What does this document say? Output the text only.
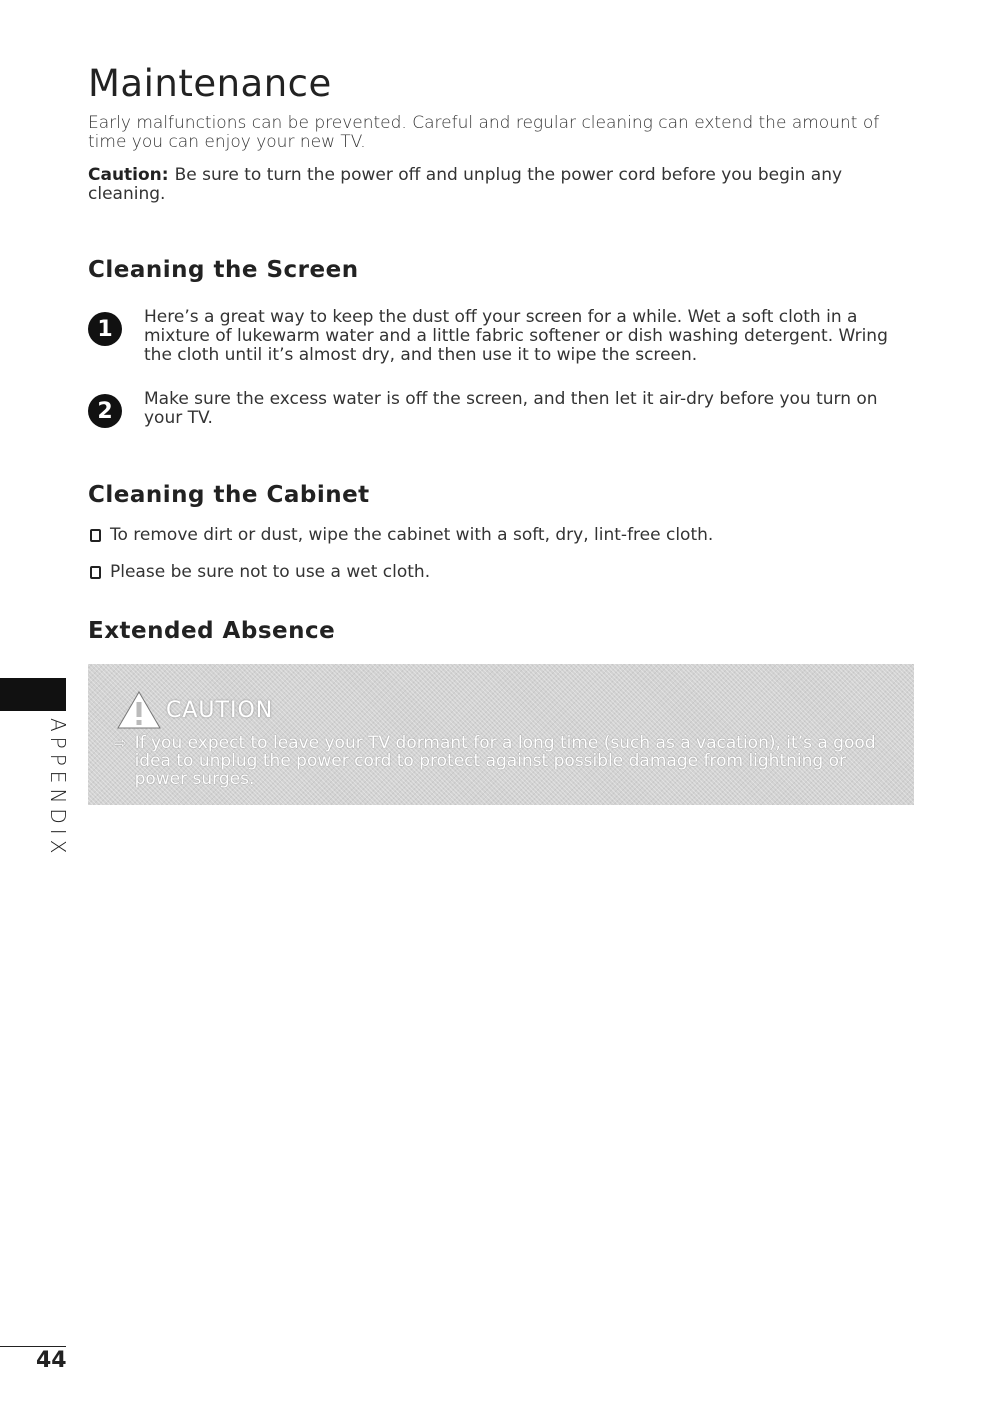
Maintenance

Early malfunctions can be prevented. Careful and regular cleaning can extend the amount of time you can enjoy your new TV.

Caution: Be sure to turn the power off and unplug the power cord before you begin any cleaning.

Cleaning the Screen
1	Here’s a great way to keep the dust off your screen for a while. Wet a soft cloth in a mixture of lukewarm water and a little fabric softener or dish washing detergent. Wring the cloth until it’s almost dry, and then use it to wipe the screen.
2	Make sure the excess water is off the screen, and then let it air-dry before you turn on your TV.
Cleaning the Cabinet
To remove dirt or dust, wipe the cabinet with a soft, dry, lint-free cloth.
Please be sure not to use a wet cloth.
Extended Absence
CAUTION
⇨ If you expect to leave your TV dormant for a long time (such as a vacation), it’s a good idea to unplug the power cord to protect against possible damage from lightning or power surges.
APPENDIX
44
